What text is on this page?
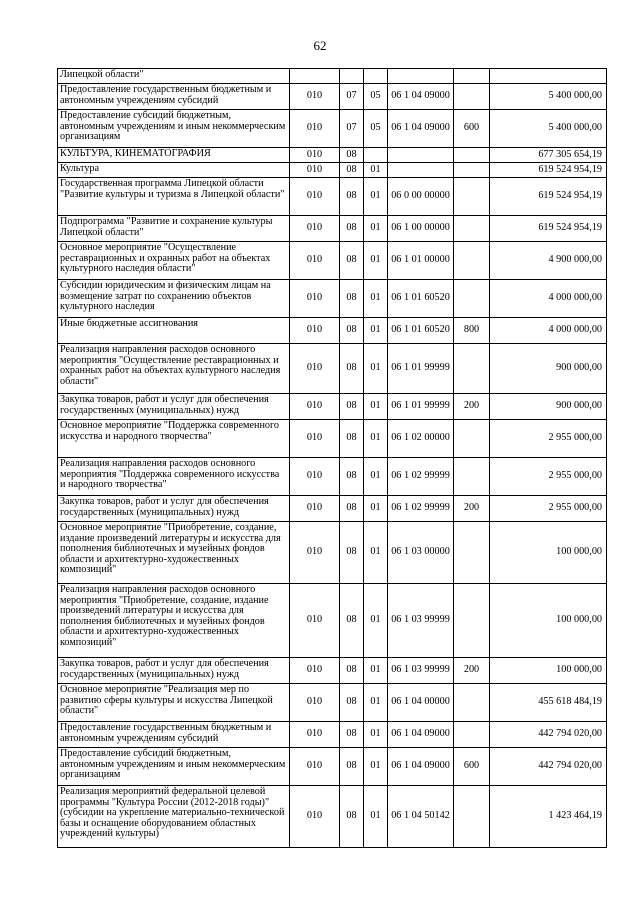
62
Липецкой области"						
Предоставление государственным бюджетным и автономным учреждениям субсидий	010	07	05	06 1 04 09000		5 400 000,00
Предоставление субсидий бюджетным, автономным учреждениям и иным некоммерческим организациям	010	07	05	06 1 04 09000	600	5 400 000,00
КУЛЬТУРА, КИНЕМАТОГРАФИЯ	010	08				677 305 654,19
Культура	010	08	01			619 524 954,19
Государственная программа Липецкой области "Развитие культуры и туризма в Липецкой области"	010	08	01	06 0 00 00000		619 524 954,19
Подпрограмма "Развитие и сохранение культуры Липецкой области"	010	08	01	06 1 00 00000		619 524 954,19
Основное мероприятие "Осуществление реставрационных и охранных работ на объектах культурного наследия области"	010	08	01	06 1 01 00000		4 900 000,00
Субсидии юридическим и физическим лицам на возмещение затрат по сохранению объектов культурного наследия	010	08	01	06 1 01 60520		4 000 000,00
Иные бюджетные ассигнования	010	08	01	06 1 01 60520	800	4 000 000,00
Реализация направления расходов основного мероприятия "Осуществление реставрационных и охранных работ на объектах культурного наследия области"	010	08	01	06 1 01 99999		900 000,00
Закупка товаров, работ и услуг для обеспечения государственных (муниципальных) нужд	010	08	01	06 1 01 99999	200	900 000,00
Основное мероприятие "Поддержка современного искусства и народного творчества"	010	08	01	06 1 02 00000		2 955 000,00
Реализация направления расходов основного мероприятия "Поддержка современного искусства и народного творчества"	010	08	01	06 1 02 99999		2 955 000,00
Закупка товаров, работ и услуг для обеспечения государственных (муниципальных) нужд	010	08	01	06 1 02 99999	200	2 955 000,00
Основное мероприятие "Приобретение, создание, издание произведений литературы и искусства для пополнения библиотечных и музейных фондов области и архитектурно-художественных композиций"	010	08	01	06 1 03 00000		100 000,00
Реализация направления расходов основного мероприятия "Приобретение, создание, издание произведений литературы и искусства для пополнения библиотечных и музейных фондов области и архитектурно-художественных композиций"	010	08	01	06 1 03 99999		100 000,00
Закупка товаров, работ и услуг для обеспечения государственных (муниципальных) нужд	010	08	01	06 1 03 99999	200	100 000,00
Основное мероприятие "Реализация мер по развитию сферы культуры и искусства Липецкой области"	010	08	01	06 1 04 00000		455 618 484,19
Предоставление государственным бюджетным и автономным учреждениям субсидий	010	08	01	06 1 04 09000		442 794 020,00
Предоставление субсидий бюджетным, автономным учреждениям и иным некоммерческим организациям	010	08	01	06 1 04 09000	600	442 794 020,00
Реализация мероприятий федеральной целевой программы "Культура России (2012-2018 годы)" (субсидии на укрепление материально-технической базы и оснащение оборудованием областных учреждений культуры)	010	08	01	06 1 04 50142		1 423 464,19
